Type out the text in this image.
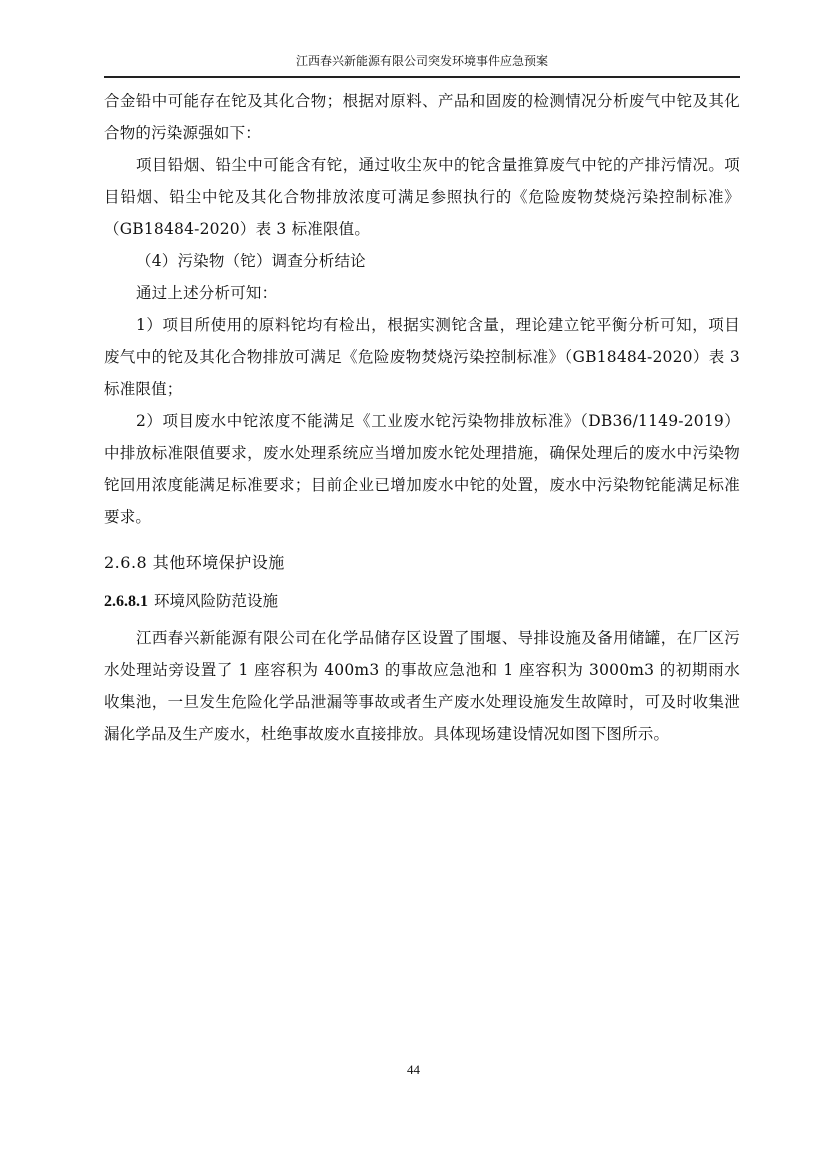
江西春兴新能源有限公司突发环境事件应急预案

合金铅中可能存在铊及其化合物；根据对原料、产品和固废的检测情况分析废气中铊及其化合物的污染源强如下：

项目铅烟、铅尘中可能含有铊，通过收尘灰中的铊含量推算废气中铊的产排污情况。项目铅烟、铅尘中铊及其化合物排放浓度可满足参照执行的《危险废物焚烧污染控制标准》（GB18484-2020）表 3 标准限值。

（4）污染物（铊）调查分析结论

通过上述分析可知：

1）项目所使用的原料铊均有检出，根据实测铊含量，理论建立铊平衡分析可知，项目废气中的铊及其化合物排放可满足《危险废物焚烧污染控制标准》（GB18484-2020）表 3 标准限值；

2）项目废水中铊浓度不能满足《工业废水铊污染物排放标准》（DB36/1149-2019）中排放标准限值要求，废水处理系统应当增加废水铊处理措施，确保处理后的废水中污染物铊回用浓度能满足标准要求；目前企业已增加废水中铊的处置，废水中污染物铊能满足标准要求。

2.6.8 其他环境保护设施
2.6.8.1 环境风险防范设施

江西春兴新能源有限公司在化学品储存区设置了围堰、导排设施及备用储罐，在厂区污水处理站旁设置了 1 座容积为 400m3 的事故应急池和 1 座容积为 3000m3 的初期雨水收集池，一旦发生危险化学品泄漏等事故或者生产废水处理设施发生故障时，可及时收集泄漏化学品及生产废水，杜绝事故废水直接排放。具体现场建设情况如图下图所示。

44
